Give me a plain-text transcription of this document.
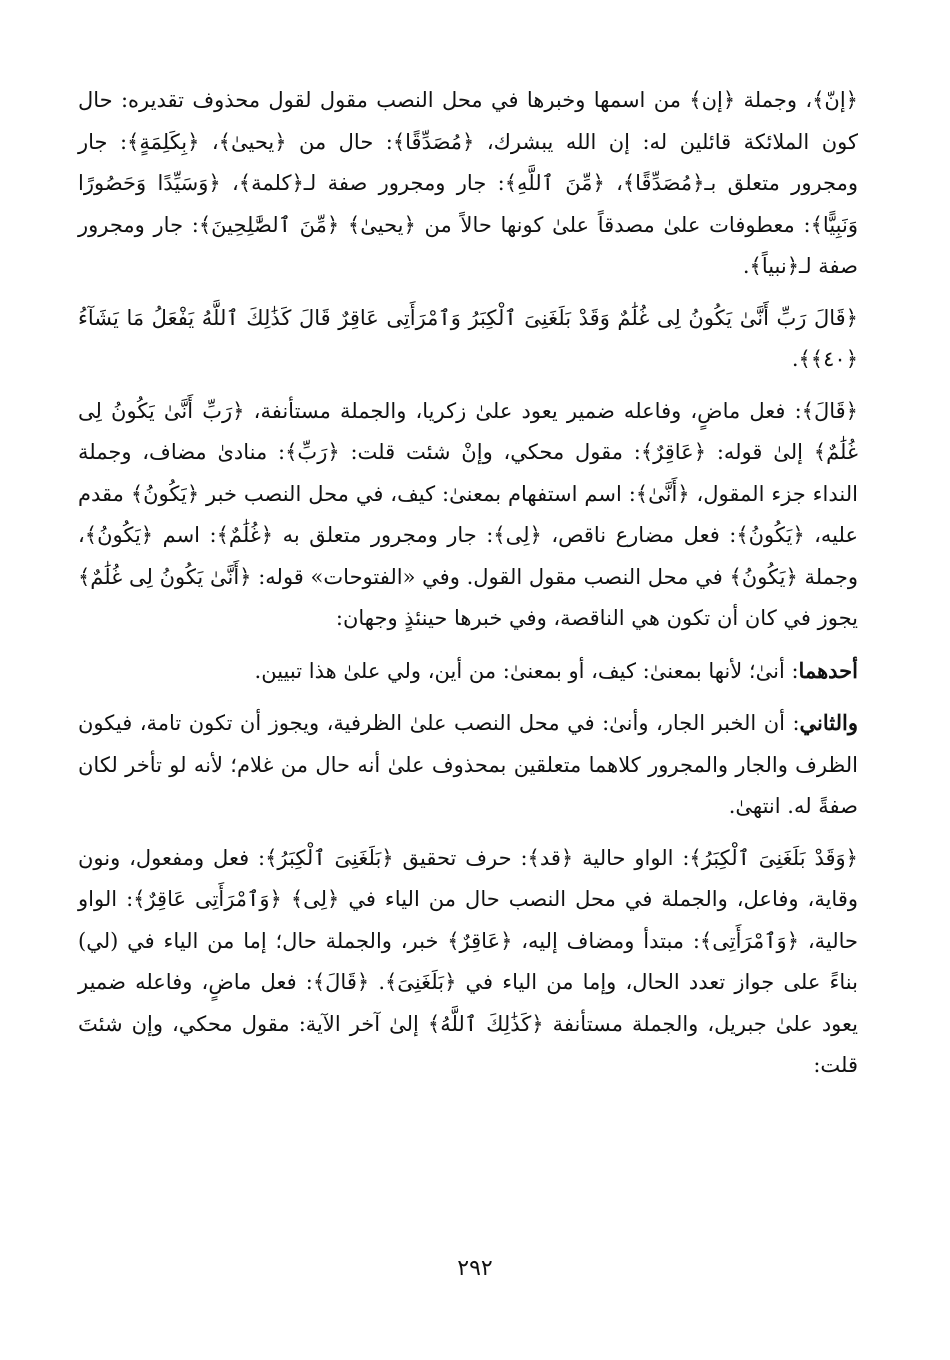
﴿إنّ﴾، وجملة ﴿إن﴾ من اسمها وخبرها في محل النصب مقول لقول محذوف تقديره: حال كون الملائكة قائلين له: إن الله يبشرك، ﴿مُصَدِّقًا﴾: حال من ﴿يحيىٰ﴾، ﴿بِكَلِمَةٍ﴾: جار ومجرور متعلق بـ﴿مُصَدِّقًا﴾، ﴿مِّنَ ٱللَّهِ﴾: جار ومجرور صفة لـ﴿كلمة﴾، ﴿وَسَيِّدًا وَحَصُورًا وَنَبِيًّا﴾: معطوفات علىٰ مصدقاً علىٰ كونها حالاً من ﴿يحيىٰ﴾ ﴿مِّنَ ٱلصَّٰلِحِينَ﴾: جار ومجرور صفة لـ﴿نبياً﴾.

﴿قَالَ رَبِّ أَنَّىٰ يَكُونُ لِى غُلَٰمٌ وَقَدْ بَلَغَنِىَ ٱلْكِبَرُ وَٱمْرَأَتِى عَاقِرٌ قَالَ كَذَٰلِكَ ٱللَّهُ يَفْعَلُ مَا يَشَآءُ ﴿٤٠﴾﴾.

﴿قَالَ﴾: فعل ماضٍ، وفاعله ضمير يعود علىٰ زكريا، والجملة مستأنفة، ﴿رَبِّ أَنَّىٰ يَكُونُ لِى غُلَٰمٌ﴾ إلىٰ قوله: ﴿عَاقِرٌ﴾: مقول محكي، وإنْ شئت قلت: ﴿رَبِّ﴾: منادىٰ مضاف، وجملة النداء جزء المقول، ﴿أَنَّىٰ﴾: اسم استفهام بمعنىٰ: كيف، في محل النصب خبر ﴿يَكُونُ﴾ مقدم عليه، ﴿يَكُونُ﴾: فعل مضارع ناقص، ﴿لِى﴾: جار ومجرور متعلق به ﴿غُلَٰمٌ﴾: اسم ﴿يَكُونُ﴾، وجملة ﴿يَكُونُ﴾ في محل النصب مقول القول. وفي «الفتوحات» قوله: ﴿أَنَّىٰ يَكُونُ لِى غُلَٰمٌ﴾ يجوز في كان أن تكون هي الناقصة، وفي خبرها حينئذٍ وجهان:

أحدهما: أنىٰ؛ لأنها بمعنىٰ: كيف، أو بمعنىٰ: من أين، ولي علىٰ هذا تبيين.

والثاني: أن الخبر الجار، وأنىٰ: في محل النصب علىٰ الظرفية، ويجوز أن تكون تامة، فيكون الظرف والجار والمجرور كلاهما متعلقين بمحذوف علىٰ أنه حال من غلام؛ لأنه لو تأخر لكان صفةً له. انتهىٰ.

﴿وَقَدْ بَلَغَنِىَ ٱلْكِبَرُ﴾: الواو حالية ﴿قد﴾: حرف تحقيق ﴿بَلَغَنِىَ ٱلْكِبَرُ﴾: فعل ومفعول، ونون وقاية، وفاعل، والجملة في محل النصب حال من الياء في ﴿لِى﴾ ﴿وَٱمْرَأَتِى عَاقِرٌ﴾: الواو حالية، ﴿وَٱمْرَأَتِى﴾: مبتدأ ومضاف إليه، ﴿عَاقِرٌ﴾ خبر، والجملة حال؛ إما من الياء في (لي) بناءً على جواز تعدد الحال، وإما من الياء في ﴿بَلَغَنِىَ﴾. ﴿قَالَ﴾: فعل ماضٍ، وفاعله ضمير يعود علىٰ جبريل، والجملة مستأنفة ﴿كَذَٰلِكَ ٱللَّهُ﴾ إلىٰ آخر الآية: مقول محكي، وإن شئتَ قلت:

٢٩٢
